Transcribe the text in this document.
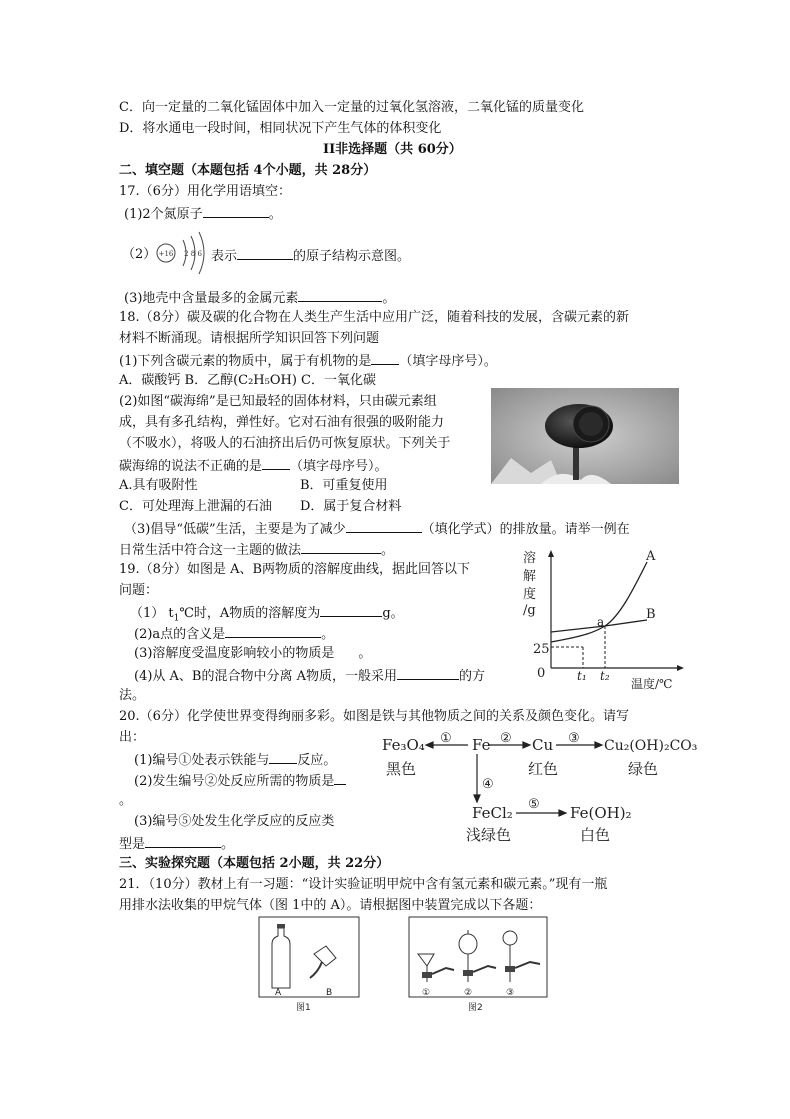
C．向一定量的二氧化锰固体中加入一定量的过氧化氢溶液，二氧化锰的质量变化
D．将水通电一段时间，相同状况下产生气体的体积变化
II非选择题（共 60分）
二、填空题（本题包括 4个小题，共 28分）
17.（6分）用化学用语填空：
(1)2个氮原子	。
（2） +16 2 8 6 表示	的原子结构示意图。
(3)地壳中含量最多的金属元素	。
18.（8分）碳及碳的化合物在人类生产生活中应用广泛，随着科技的发展，含碳元素的新
材料不断涌现。请根据所学知识回答下列问题
(1)下列含碳元素的物质中，属于有机物的是 （填字母序号）。
A．碳酸钙 B．乙醇(C₂H₅OH) C．一氧化碳
(2)如图“碳海绵”是已知最轻的固体材料，只由碳元素组
成，具有多孔结构，弹性好。它对石油有很强的吸附能力
（不吸水），将吸人的石油挤出后仍可恢复原状。下列关于
碳海绵的说法不正确的是 （填字母序号）。
A.具有吸附性	B．可重复使用
C．可处理海上泄漏的石油 D．属于复合材料
（3)倡导“低碳”生活，主要是为了减少	（填化学式）的排放量。请举一例在
日常生活中符合这一主题的做法	。
19.（8分）如图是 A、B两物质的溶解度曲线，据此回答以下
问题：
（1） $t_1℃$时，A物质的溶解度为	g。
(2)a点的含义是	。
(3)溶解度受温度影响较小的物质是 。
(4)从 A、B的混合物中分离 A物质，一般采用	的方
法。
溶
解
度
/g
A
B
a
25
0	t₁ t₂
温度/℃
20.（6分）化学使世界变得绚丽多彩。如图是铁与其他物质之间的关系及颜色变化。请写
出：
(1)编号①处表示铁能与 反应。
(2)发生编号②处反应所需的物质是
。
(3)编号⑤处发生化学反应的反应类
型是	。
Fe₃O₄
黑色
Fe	Cu
红色
Cu₂(OH)₂CO₃
绿色
FeCl₂
浅绿色
Fe(OH)₂
白色
①	②	③
④
⑤
三、实验探究题（本题包括 2小题，共 22分）
21．（10分）教材上有一习题：“设计实验证明甲烷中含有氢元素和碳元素。”现有一瓶
用排水法收集的甲烷气体（图 1中的 A）。请根据图中装置完成以下各题：
A	B
图1
①	②	③
图2
